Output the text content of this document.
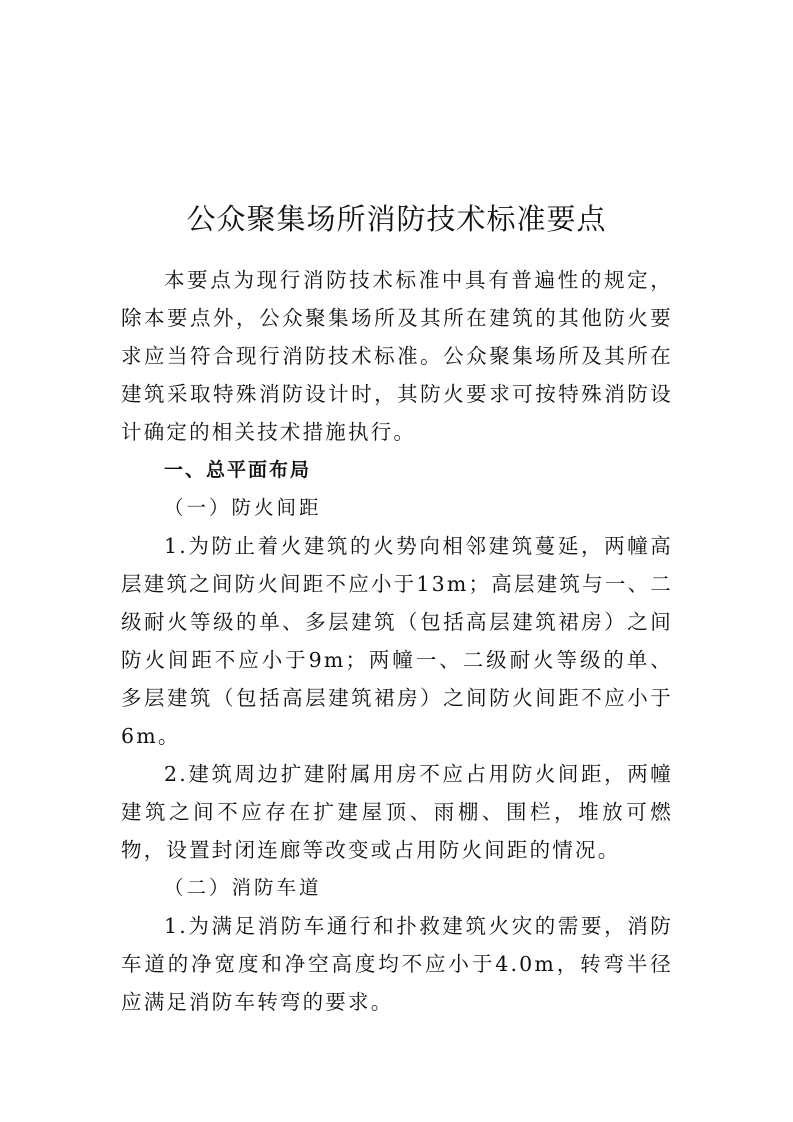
公众聚集场所消防技术标准要点

本要点为现行消防技术标准中具有普遍性的规定，除本要点外，公众聚集场所及其所在建筑的其他防火要求应当符合现行消防技术标准。公众聚集场所及其所在建筑采取特殊消防设计时，其防火要求可按特殊消防设计确定的相关技术措施执行。

一、总平面布局

（一）防火间距

1.为防止着火建筑的火势向相邻建筑蔓延，两幢高层建筑之间防火间距不应小于13m；高层建筑与一、二级耐火等级的单、多层建筑（包括高层建筑裙房）之间防火间距不应小于9m；两幢一、二级耐火等级的单、多层建筑（包括高层建筑裙房）之间防火间距不应小于6m。

2.建筑周边扩建附属用房不应占用防火间距，两幢建筑之间不应存在扩建屋顶、雨棚、围栏，堆放可燃物，设置封闭连廊等改变或占用防火间距的情况。

（二）消防车道

1.为满足消防车通行和扑救建筑火灾的需要，消防车道的净宽度和净空高度均不应小于4.0m，转弯半径应满足消防车转弯的要求。
